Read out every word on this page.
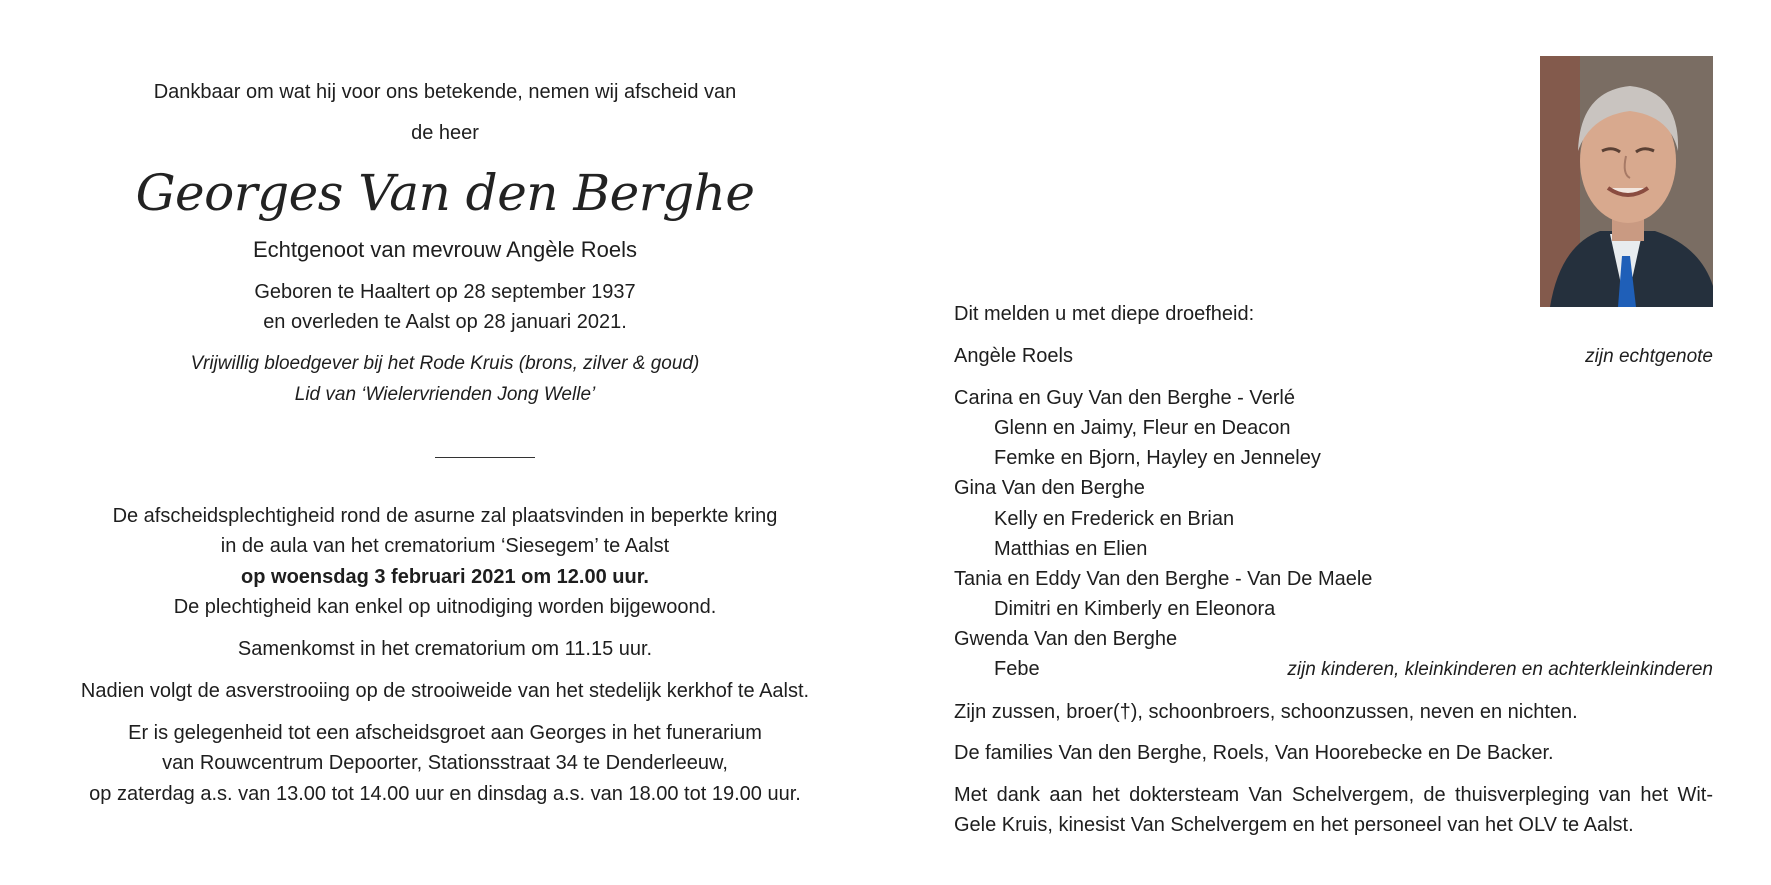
Dankbaar om wat hij voor ons betekende, nemen wij afscheid van
de heer
Georges Van den Berghe
Echtgenoot van mevrouw Angèle Roels
Geboren te Haaltert op 28 september 1937
en overleden te Aalst op 28 januari 2021.
Vrijwillig bloedgever bij het Rode Kruis (brons, zilver & goud)
Lid van ‘Wielervrienden Jong Welle’
De afscheidsplechtigheid rond de asurne zal plaatsvinden in beperkte kring
in de aula van het crematorium ‘Siesegem’ te Aalst
op woensdag 3 februari 2021 om 12.00 uur.
De plechtigheid kan enkel op uitnodiging worden bijgewoond.
Samenkomst in het crematorium om 11.15 uur.
Nadien volgt de asverstrooiing op de strooiweide van het stedelijk kerkhof te Aalst.
Er is gelegenheid tot een afscheidsgroet aan Georges in het funerarium
van Rouwcentrum Depoorter, Stationsstraat 34 te Denderleeuw,
op zaterdag a.s. van 13.00 tot 14.00 uur en dinsdag a.s. van 18.00 tot 19.00 uur.
Dit melden u met diepe droefheid:
Angèle Roels	zijn echtgenote
Carina en Guy Van den Berghe - Verlé
Glenn en Jaimy, Fleur en Deacon
Femke en Bjorn, Hayley en Jenneley
Gina Van den Berghe
Kelly en Frederick en Brian
Matthias en Elien
Tania en Eddy Van den Berghe - Van De Maele
Dimitri en Kimberly en Eleonora
Gwenda Van den Berghe
Febe	zijn kinderen, kleinkinderen en achterkleinkinderen
Zijn zussen, broer(†), schoonbroers, schoonzussen, neven en nichten.
De families Van den Berghe, Roels, Van Hoorebecke en De Backer.
Met dank aan het doktersteam Van Schelvergem, de thuisverpleging van het Wit-Gele Kruis, kinesist Van Schelvergem en het personeel van het OLV te Aalst.
